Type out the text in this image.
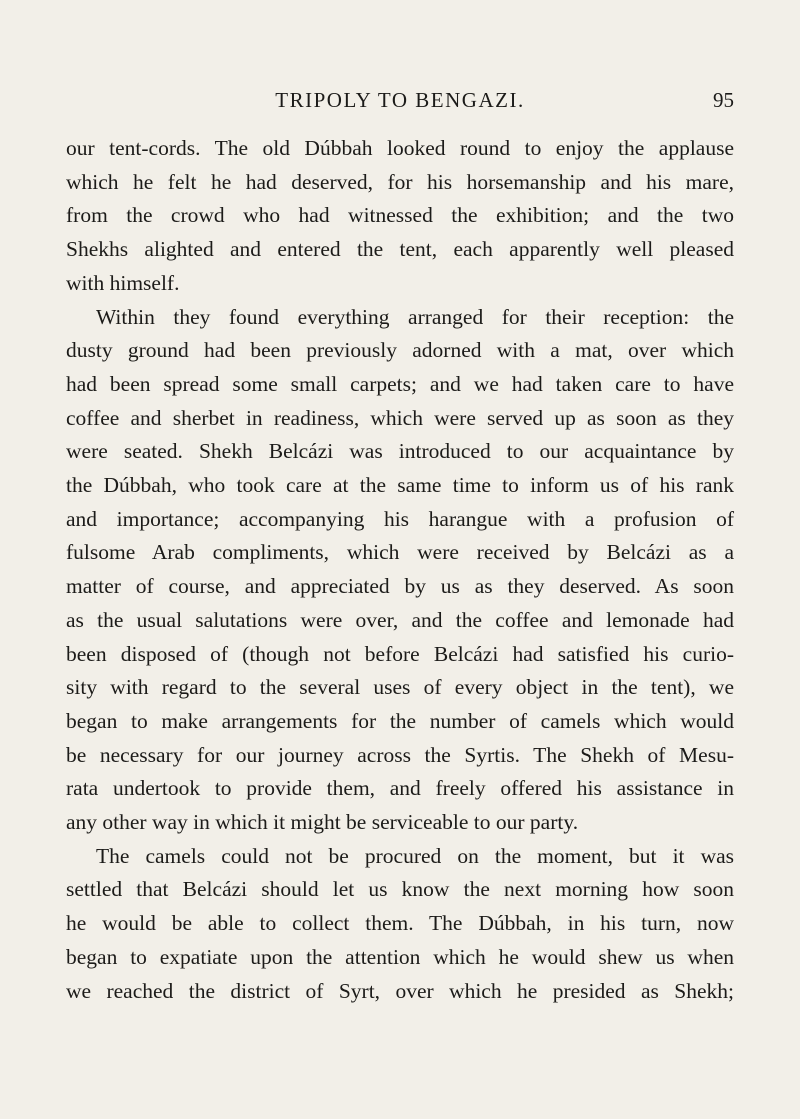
TRIPOLY TO BENGAZI.	95
our tent-cords. The old Dúbbah looked round to enjoy the applause
which he felt he had deserved, for his horsemanship and his mare,
from the crowd who had witnessed the exhibition; and the two
Shekhs alighted and entered the tent, each apparently well pleased
with himself.
Within they found everything arranged for their reception: the
dusty ground had been previously adorned with a mat, over which
had been spread some small carpets; and we had taken care to have
coffee and sherbet in readiness, which were served up as soon as they
were seated. Shekh Belcázi was introduced to our acquaintance by
the Dúbbah, who took care at the same time to inform us of his rank
and importance; accompanying his harangue with a profusion of
fulsome Arab compliments, which were received by Belcázi as a
matter of course, and appreciated by us as they deserved. As soon
as the usual salutations were over, and the coffee and lemonade had
been disposed of (though not before Belcázi had satisfied his curio-
sity with regard to the several uses of every object in the tent), we
began to make arrangements for the number of camels which would
be necessary for our journey across the Syrtis. The Shekh of Mesu-
rata undertook to provide them, and freely offered his assistance in
any other way in which it might be serviceable to our party.
The camels could not be procured on the moment, but it was
settled that Belcázi should let us know the next morning how soon
he would be able to collect them. The Dúbbah, in his turn, now
began to expatiate upon the attention which he would shew us when
we reached the district of Syrt, over which he presided as Shekh;
